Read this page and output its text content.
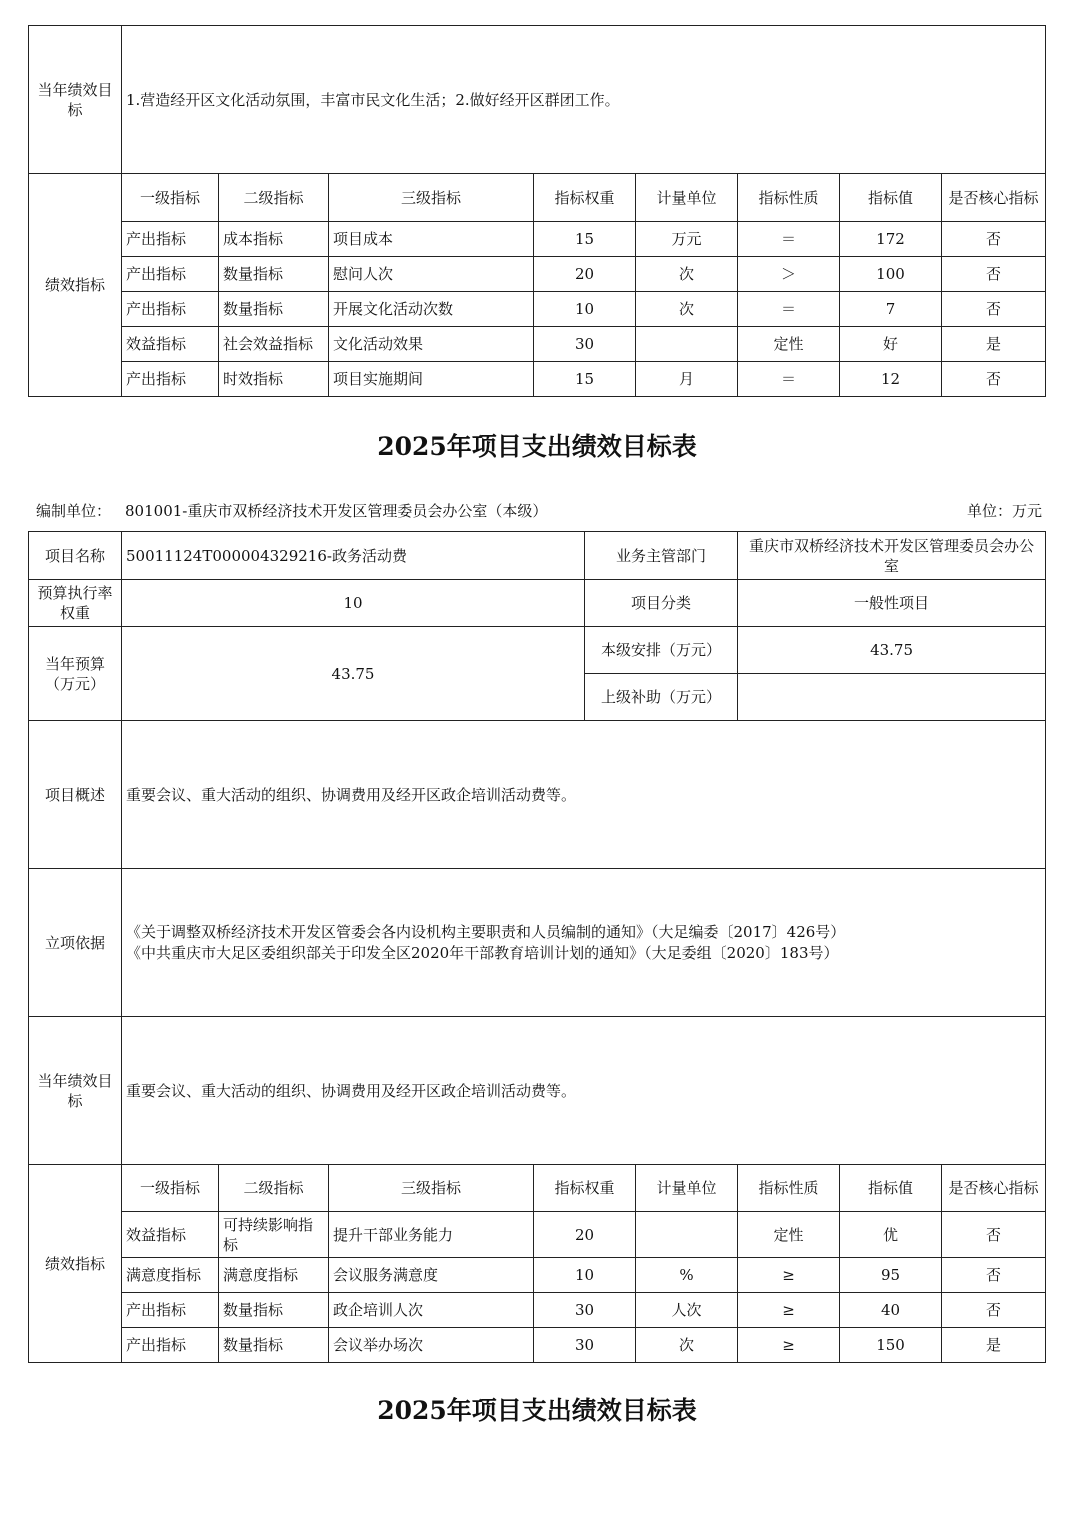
当年绩效目标	1.营造经开区文化活动氛围，丰富市民文化生活；2.做好经开区群团工作。							
绩效指标	一级指标	二级指标	三级指标	指标权重	计量单位	指标性质	指标值	是否核心指标
	产出指标	成本指标	项目成本	15	万元	＝	172	否
	产出指标	数量指标	慰问人次	20	次	＞	100	否
	产出指标	数量指标	开展文化活动次数	10	次	＝	7	否
	效益指标	社会效益指标	文化活动效果	30		定性	好	是
	产出指标	时效指标	项目实施期间	15	月	＝	12	否
2025年项目支出绩效目标表
编制单位： 801001-重庆市双桥经济技术开发区管理委员会办公室（本级）	单位：万元
项目名称	50011124T000004329216-政务活动费				业务主管部门		重庆市双桥经济技术开发区管理委员会办公室		
预算执行率权重	10				项目分类		一般性项目		
当年预算（万元）	43.75				本级安排（万元）		43.75		
					上级补助（万元）				
项目概述	重要会议、重大活动的组织、协调费用及经开区政企培训活动费等。								
立项依据	《关于调整双桥经济技术开发区管委会各内设机构主要职责和人员编制的通知》（大足编委〔2017〕426号）
《中共重庆市大足区委组织部关于印发全区2020年干部教育培训计划的通知》（大足委组〔2020〕183号）								

当年绩效目标	重要会议、重大活动的组织、协调费用及经开区政企培训活动费等。								
绩效指标	一级指标	二级指标	三级指标	指标权重		计量单位	指标性质	指标值	是否核心指标
	效益指标	可持续影响指标	提升干部业务能力	20			定性	优	否
	满意度指标	满意度指标	会议服务满意度	10		%	≥	95	否
	产出指标	数量指标	政企培训人次	30		人次	≥	40	否
	产出指标	数量指标	会议举办场次	30		次	≥	150	是
2025年项目支出绩效目标表
